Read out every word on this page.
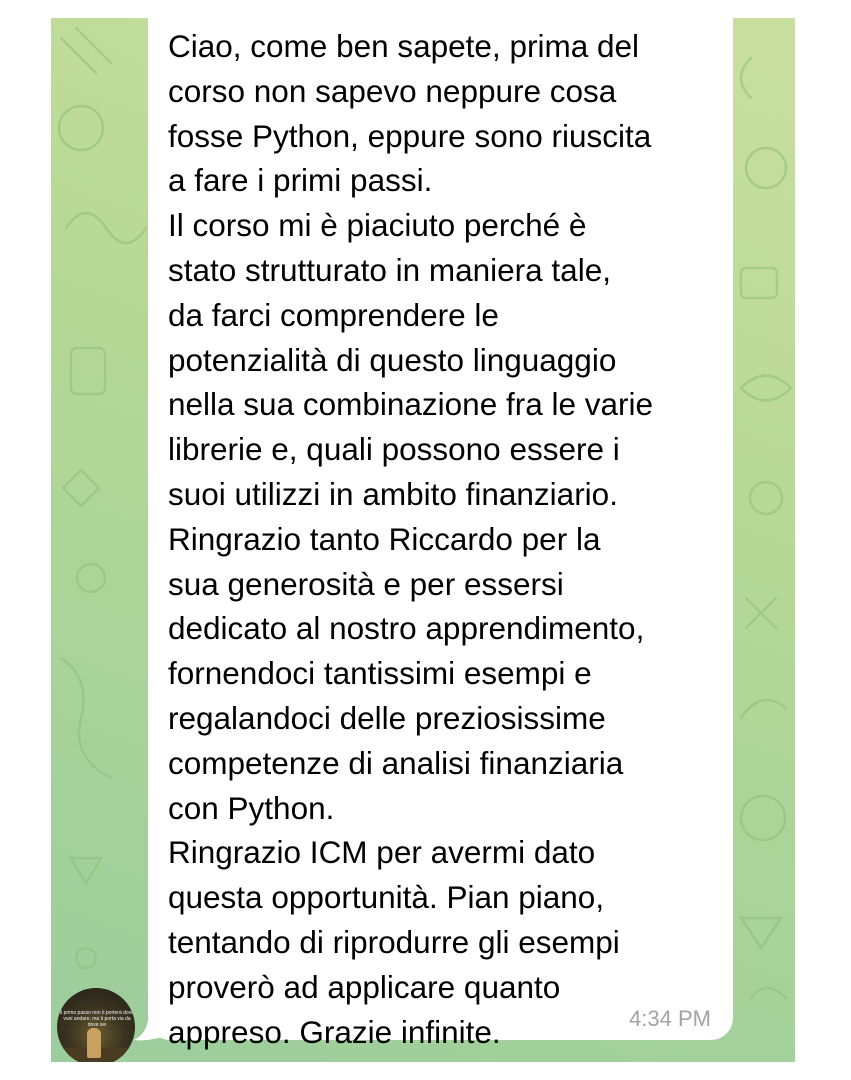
Ciao, come ben sapete, prima del
corso non sapevo neppure cosa
fosse Python, eppure sono riuscita
a fare i primi passi.
Il corso mi è piaciuto perché è
stato strutturato in maniera tale,
da farci comprendere le
potenzialità di questo linguaggio
nella sua combinazione fra le varie
librerie e, quali possono essere i
suoi utilizzi in ambito finanziario.
Ringrazio tanto Riccardo per la
sua generosità e per essersi
dedicato al nostro apprendimento,
fornendoci tantissimi esempi e
regalandoci delle preziosissime
competenze di analisi finanziaria
con Python.
Ringrazio ICM per avermi dato
questa opportunità. Pian piano,
tentando di riprodurre gli esempi
proverò ad applicare quanto
appreso. Grazie infinite.	4:34 PM
il primo passo non ti porterà dove vuoi andare, ma ti porta via da dove sei
